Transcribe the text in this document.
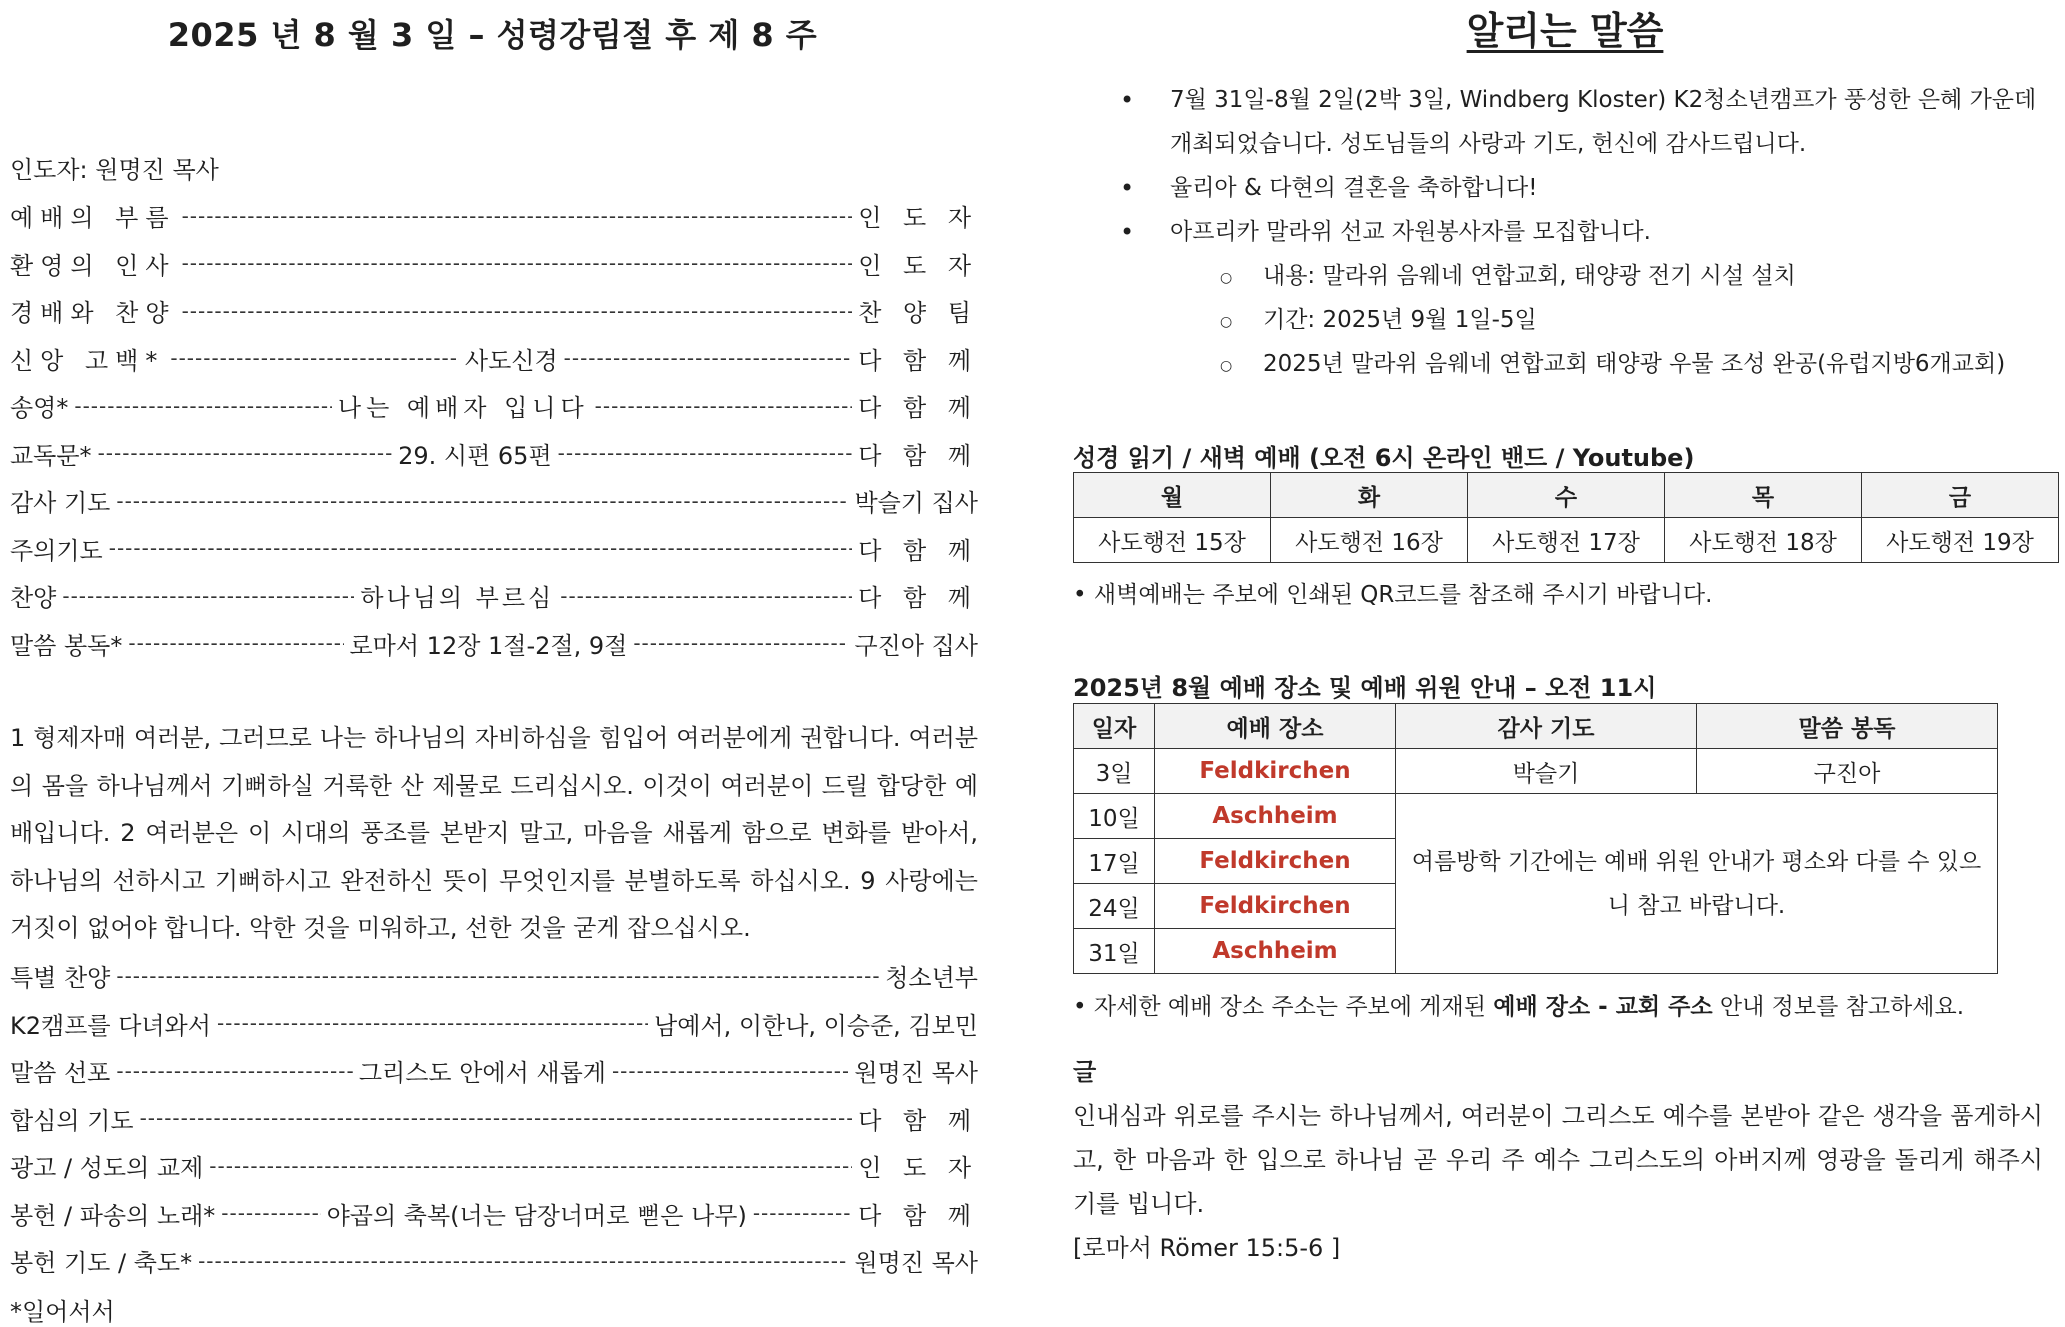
2025 년 8 월 3 일 – 성령강림절 후 제 8 주
인도자: 원명진 목사
예배의 부름 -----	인 도 자
환영의 인사 -----	인 도 자
경배와 찬양 -----	찬 양 팀
신앙 고백* -----	사도신경 -----	다 함 께
송영* -----	나는 예배자 입니다 -----	다 함 께
교독문* -----	29. 시편 65편 -----	다 함 께
감사 기도 -----	박슬기 집사
주의기도 -----	다 함 께
찬양 -----	하나님의 부르심 -----	다 함 께
말씀 봉독* -----	로마서 12장 1절-2절, 9절 -----	구진아 집사

1 형제자매 여러분, 그러므로 나는 하나님의 자비하심을 힘입어 여러분에게 권합니다. 여러분의 몸을 하나님께서 기뻐하실 거룩한 산 제물로 드리십시오. 이것이 여러분이 드릴 합당한 예배입니다. 2 여러분은 이 시대의 풍조를 본받지 말고, 마음을 새롭게 함으로 변화를 받아서, 하나님의 선하시고 기뻐하시고 완전하신 뜻이 무엇인지를 분별하도록 하십시오. 9 사랑에는 거짓이 없어야 합니다. 악한 것을 미워하고, 선한 것을 굳게 잡으십시오.

특별 찬양 -----	청소년부
K2캠프를 다녀와서 -----	남예서, 이한나, 이승준, 김보민
말씀 선포 -----	그리스도 안에서 새롭게 -----	원명진 목사
합심의 기도 -----	다 함 께
광고 / 성도의 교제 -----	인 도 자
봉헌 / 파송의 노래* -----	야곱의 축복(너는 담장너머로 뻗은 나무) -----	다 함 께
봉헌 기도 / 축도* -----	원명진 목사
*일어서서
알리는 말씀
• 7월 31일-8월 2일(2박 3일, Windberg Kloster) K2청소년캠프가 풍성한 은혜 가운데 개최되었습니다. 성도님들의 사랑과 기도, 헌신에 감사드립니다.
• 율리아 & 다현의 결혼을 축하합니다!
• 아프리카 말라위 선교 자원봉사자를 모집합니다.
○ 내용: 말라위 음웨네 연합교회, 태양광 전기 시설 설치
○ 기간: 2025년 9월 1일-5일
○ 2025년 말라위 음웨네 연합교회 태양광 우물 조성 완공(유럽지방6개교회)
성경 읽기 / 새벽 예배 (오전 6시 온라인 밴드 / Youtube)
월	화	수	목	금
사도행전 15장	사도행전 16장	사도행전 17장	사도행전 18장	사도행전 19장
• 새벽예배는 주보에 인쇄된 QR코드를 참조해 주시기 바랍니다.
2025년 8월 예배 장소 및 예배 위원 안내 – 오전 11시
일자	예배 장소	감사 기도	말씀 봉독
3일	Feldkirchen	박슬기	구진아
10일	Aschheim	여름방학 기간에는 예배 위원 안내가 평소와 다를 수 있으니 참고 바랍니다.	
17일	Feldkirchen		
24일	Feldkirchen		
31일	Aschheim		
• 자세한 예배 장소 주소는 주보에 게재된 예배 장소 - 교회 주소 안내 정보를 참고하세요.
글
인내심과 위로를 주시는 하나님께서, 여러분이 그리스도 예수를 본받아 같은 생각을 품게하시고, 한 마음과 한 입으로 하나님 곧 우리 주 예수 그리스도의 아버지께 영광을 돌리게 해주시기를 빕니다.
[로마서 Römer 15:5-6 ]
